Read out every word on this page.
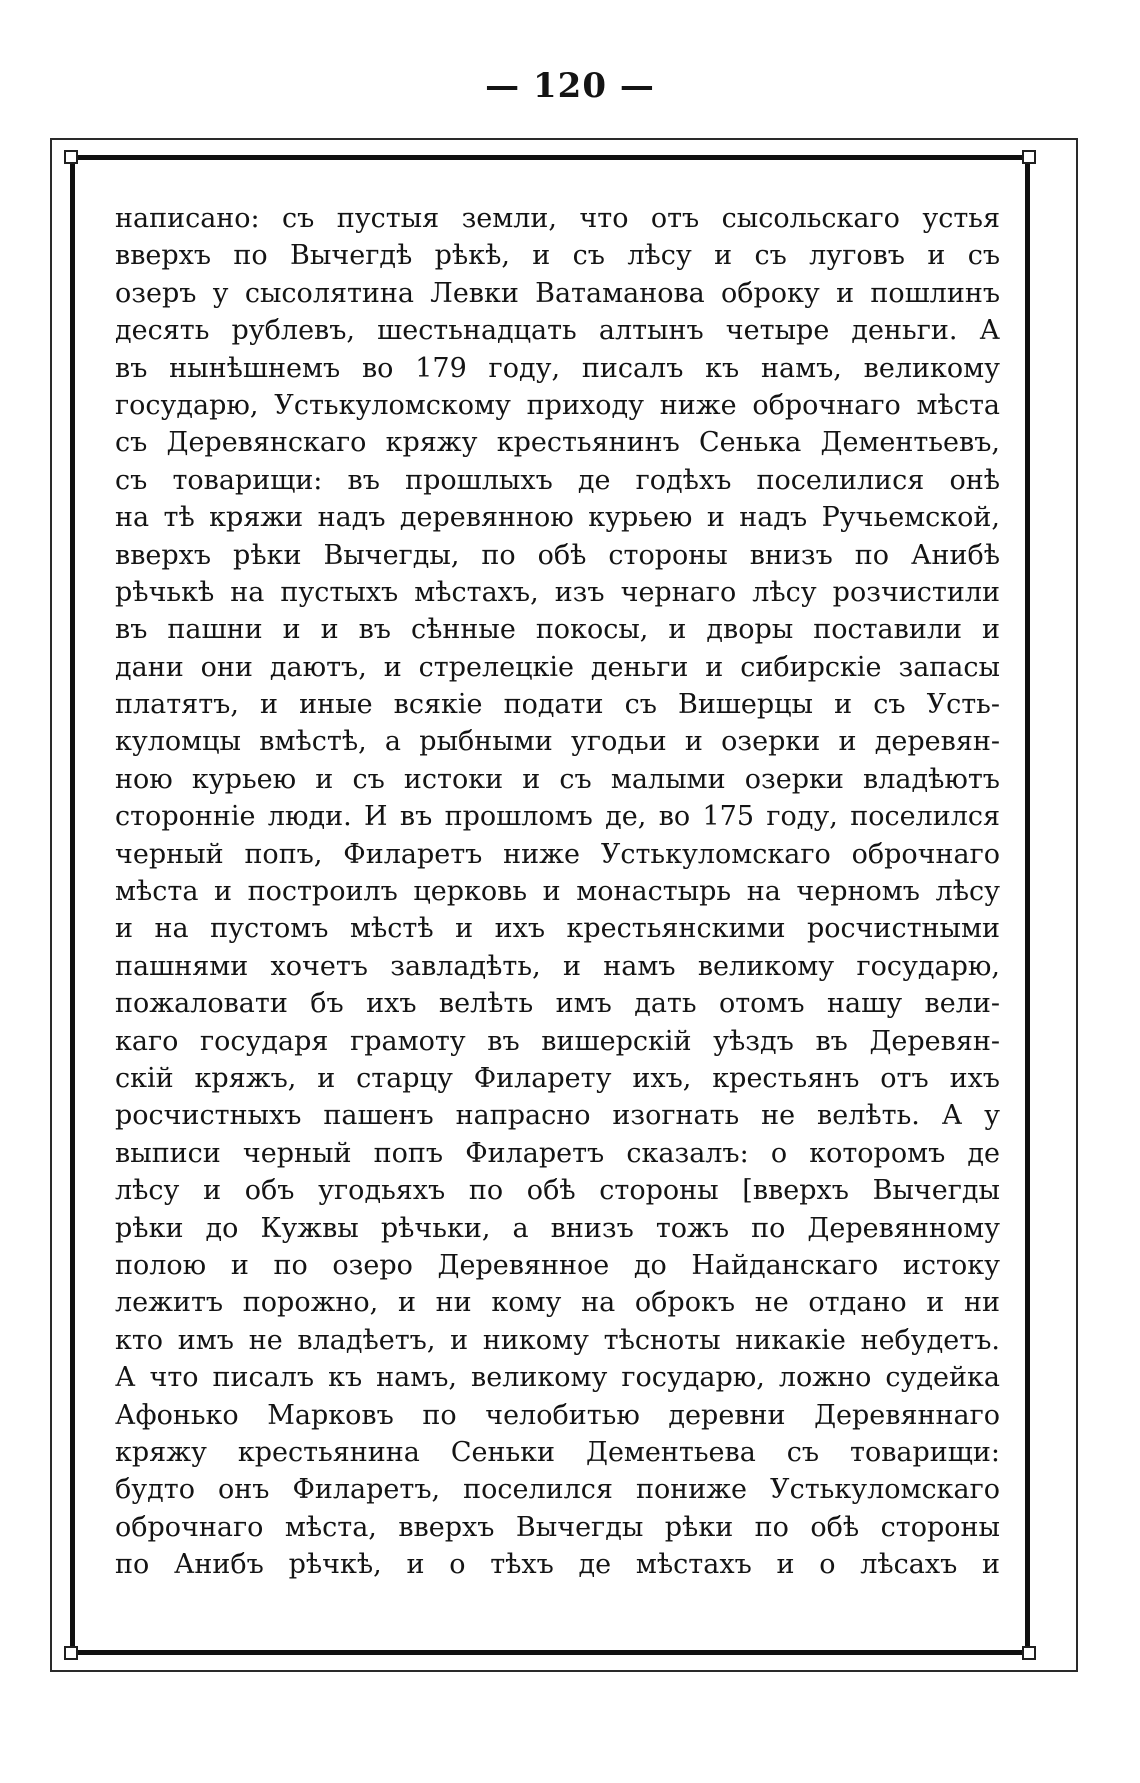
— 120 —
написано: съ пустыя земли, что отъ сысольскаго устья
вверхъ по Вычегдѣ рѣкѣ, и съ лѣсу и съ луговъ и съ
озеръ у сысолятина Левки Ватаманова оброку и пошлинъ
десять рублевъ, шестьнадцать алтынъ четыре деньги. А
въ нынѣшнемъ во 179 году, писалъ къ намъ, великому
государю, Устькуломскому приходу ниже оброчнаго мѣста
съ Деревянскаго кряжу крестьянинъ Сенька Дементьевъ,
съ товарищи: въ прошлыхъ де годѣхъ поселилися онѣ
на тѣ кряжи надъ деревянною курьею и надъ Ручьемской,
вверхъ рѣки Вычегды, по обѣ стороны внизъ по Анибѣ
рѣчькѣ на пустыхъ мѣстахъ, изъ чернаго лѣсу розчистили
въ пашни и и въ сѣнные покосы, и дворы поставили и
дани они даютъ, и стрелецкіе деньги и сибирскіе запасы
платятъ, и иные всякіе подати съ Вишерцы и съ Усть-
куломцы вмѣстѣ, а рыбными угодьи и озерки и деревян-
ною курьею и съ истоки и съ малыми озерки владѣютъ
сторонніе люди. И въ прошломъ де, во 175 году, поселился
черный попъ, Филаретъ ниже Устькуломскаго оброчнаго
мѣста и построилъ церковь и монастырь на черномъ лѣсу
и на пустомъ мѣстѣ и ихъ крестьянскими росчистными
пашнями хочетъ завладѣть, и намъ великому государю,
пожаловати бъ ихъ велѣть имъ дать отомъ нашу вели-
каго государя грамоту въ вишерскій уѣздъ въ Деревян-
скій кряжъ, и старцу Филарету ихъ, крестьянъ отъ ихъ
росчистныхъ пашенъ напрасно изогнать не велѣть. А у
выписи черный попъ Филаретъ сказалъ: о которомъ де
лѣсу и объ угодьяхъ по обѣ стороны [вверхъ Вычегды
рѣки до Кужвы рѣчьки, а внизъ тожъ по Деревянному
полою и по озеро Деревянное до Найданскаго истоку
лежитъ порожно, и ни кому на оброкъ не отдано и ни
кто имъ не владѣетъ, и никому тѣсноты никакіе небудетъ.
А что писалъ къ намъ, великому государю, ложно судейка
Афонько Марковъ по челобитью деревни Деревяннаго
кряжу крестьянина Сеньки Дементьева съ товарищи:
будто онъ Филаретъ, поселился пониже Устькуломскаго
оброчнаго мѣста, вверхъ Вычегды рѣки по обѣ стороны
по Анибъ рѣчкѣ, и о тѣхъ де мѣстахъ и о лѣсахъ и
